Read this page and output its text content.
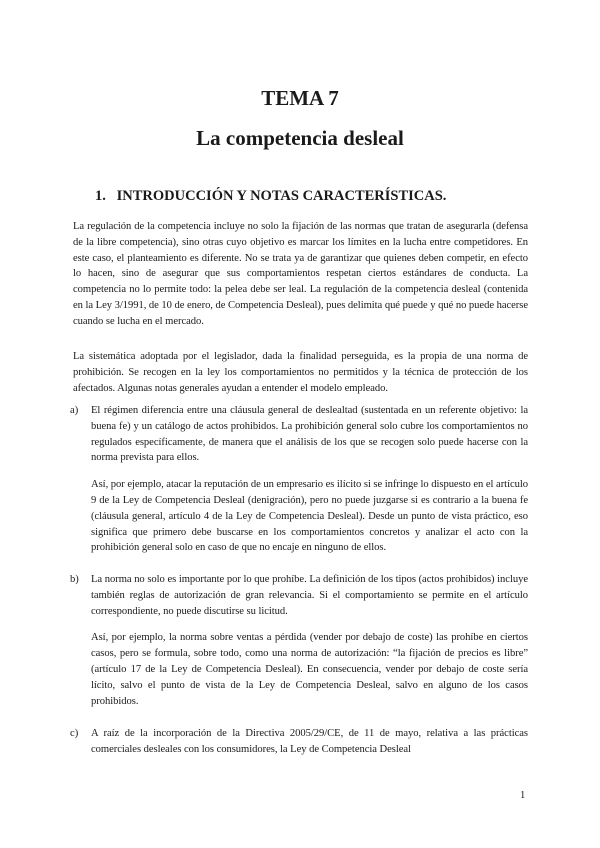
TEMA 7
La competencia desleal
1. INTRODUCCIÓN Y NOTAS CARACTERÍSTICAS.

La regulación de la competencia incluye no solo la fijación de las normas que tratan de asegurarla (defensa de la libre competencia), sino otras cuyo objetivo es marcar los límites en la lucha entre competidores. En este caso, el planteamiento es diferente. No se trata ya de garantizar que quienes deben competir, en efecto lo hacen, sino de asegurar que sus comportamientos respetan ciertos estándares de conducta. La competencia no lo permite todo: la pelea debe ser leal. La regulación de la competencia desleal (contenida en la Ley 3/1991, de 10 de enero, de Competencia Desleal), pues delimita qué puede y qué no puede hacerse cuando se lucha en el mercado.

La sistemática adoptada por el legislador, dada la finalidad perseguida, es la propia de una norma de prohibición. Se recogen en la ley los comportamientos no permitidos y la técnica de protección de los afectados. Algunas notas generales ayudan a entender el modelo empleado.

a) El régimen diferencia entre una cláusula general de deslealtad (sustentada en un referente objetivo: la buena fe) y un catálogo de actos prohibidos. La prohibición general solo cubre los comportamientos no regulados específicamente, de manera que el análisis de los que se recogen solo puede hacerse con la norma prevista para ellos.

Así, por ejemplo, atacar la reputación de un empresario es ilícito si se infringe lo dispuesto en el artículo 9 de la Ley de Competencia Desleal (denigración), pero no puede juzgarse si es contrario a la buena fe (cláusula general, artículo 4 de la Ley de Competencia Desleal). Desde un punto de vista práctico, eso significa que primero debe buscarse en los comportamientos concretos y analizar el acto con la prohibición general solo en caso de que no encaje en ninguno de ellos.

b) La norma no solo es importante por lo que prohíbe. La definición de los tipos (actos prohibidos) incluye también reglas de autorización de gran relevancia. Si el comportamiento se permite en el artículo correspondiente, no puede discutirse su licitud.

Así, por ejemplo, la norma sobre ventas a pérdida (vender por debajo de coste) las prohíbe en ciertos casos, pero se formula, sobre todo, como una norma de autorización: “la fijación de precios es libre” (artículo 17 de la Ley de Competencia Desleal). En consecuencia, vender por debajo de coste sería lícito, salvo el punto de vista de la Ley de Competencia Desleal, salvo en alguno de los casos prohibidos.

c) A raíz de la incorporación de la Directiva 2005/29/CE, de 11 de mayo, relativa a las prácticas comerciales desleales con los consumidores, la Ley de Competencia Desleal

1
